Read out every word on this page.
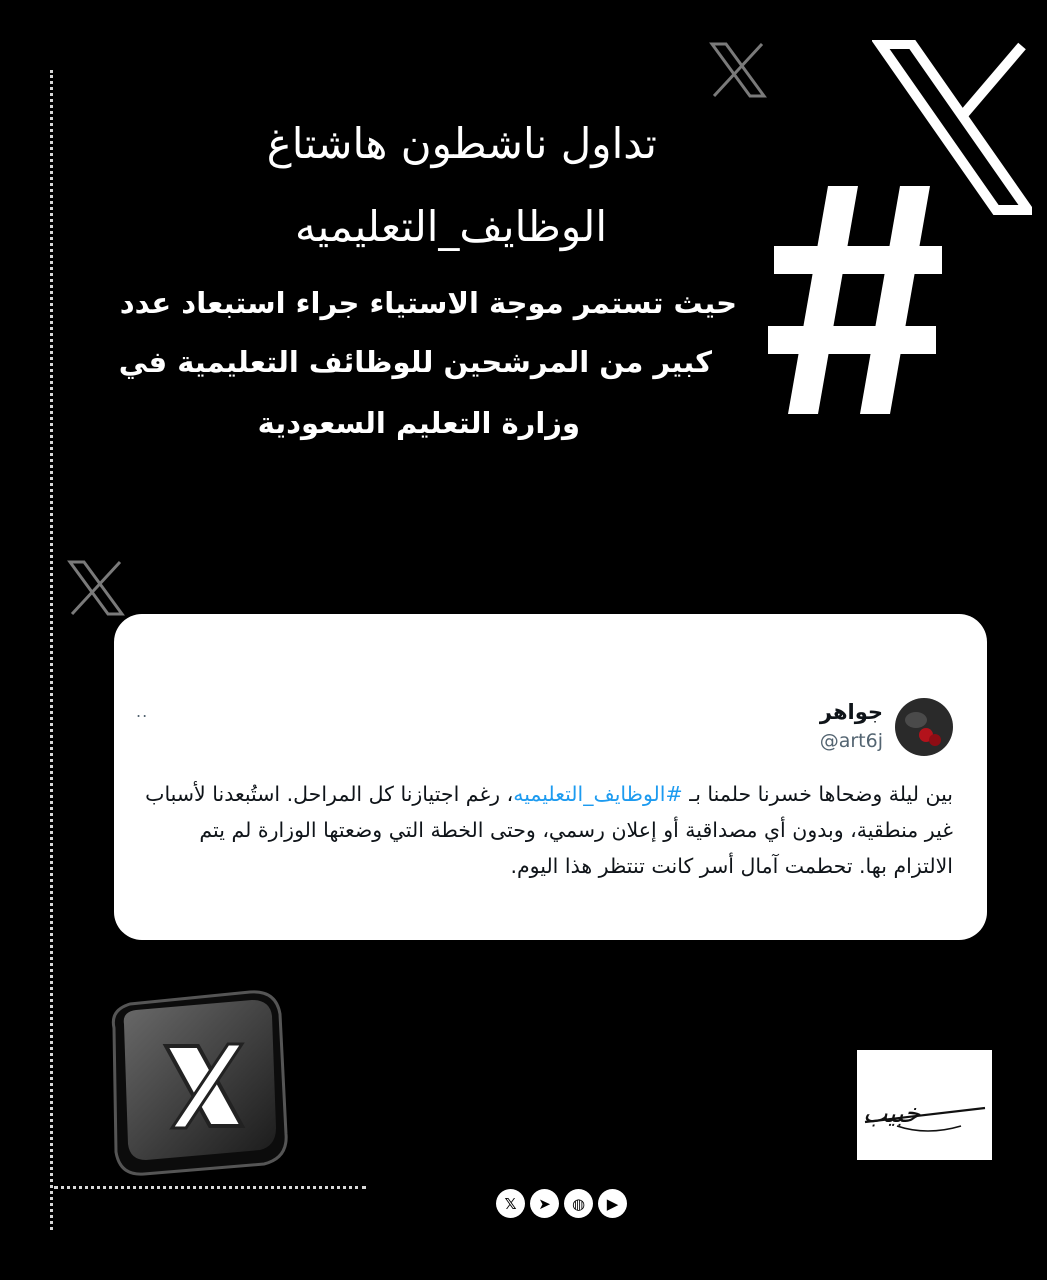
تداول ناشطون هاشتاغ
الوظايف_التعليميه
حيث تستمر موجة الاستياء جراء استبعاد عدد
كبير من المرشحين للوظائف التعليمية في
وزارة التعليم السعودية
جواهر
@art6j
..
بين ليلة وضحاها خسرنا حلمنا بـ #الوظايف_التعليميه، رغم اجتيازنا كل المراحل. استُبعدنا لأسباب غير منطقية، وبدون أي مصداقية أو إعلان رسمي، وحتى الخطة التي وضعتها الوزارة لم يتم الالتزام بها. تحطمت آمال أسر كانت تنتظر هذا اليوم.
خبيب
𝕏	➤	◍	▶
